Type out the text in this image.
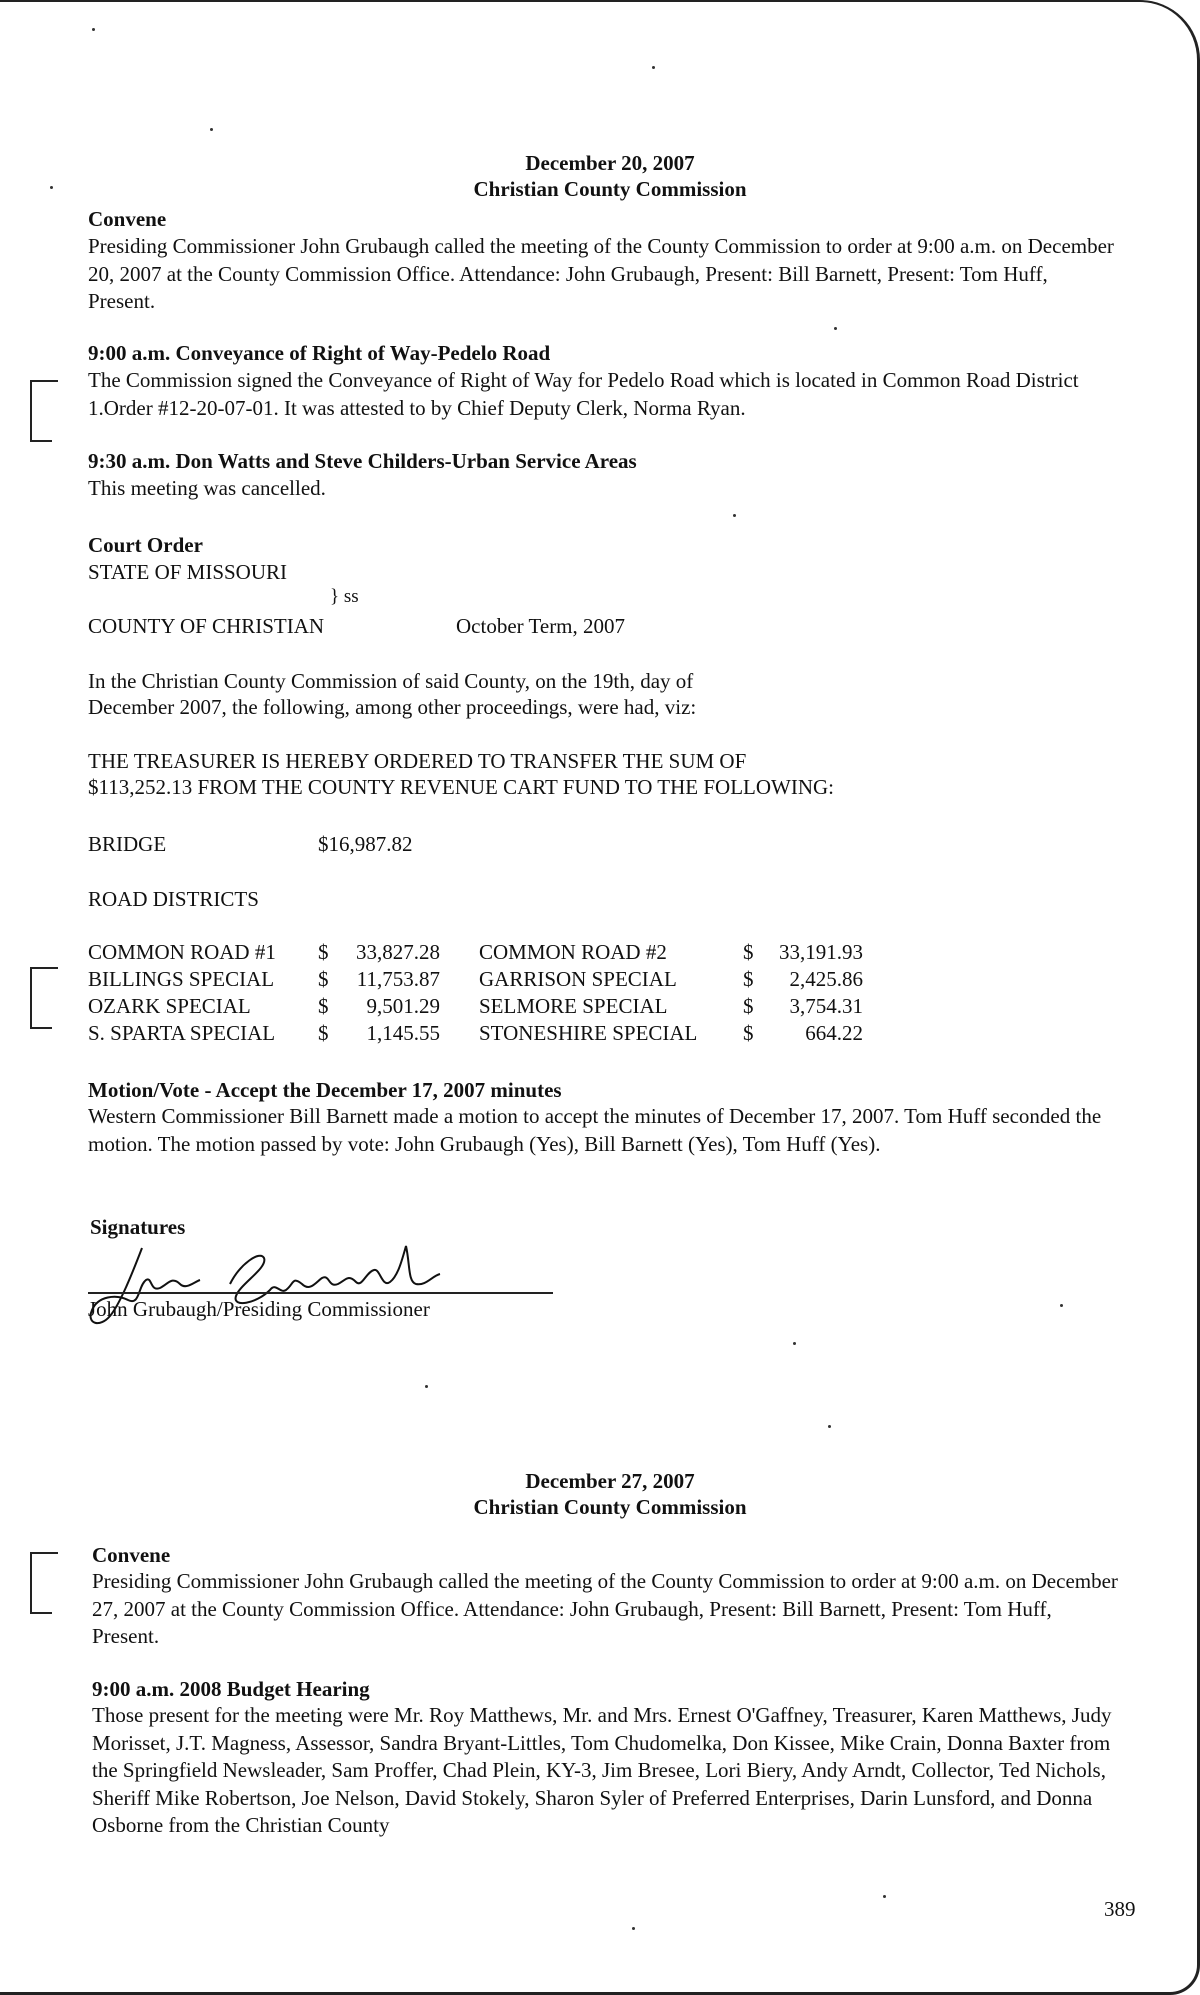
December 20, 2007
Christian County Commission
Convene
Presiding Commissioner John Grubaugh called the meeting of the County Commission to order at 9:00 a.m. on December 20, 2007 at the County Commission Office. Attendance: John Grubaugh, Present: Bill Barnett, Present: Tom Huff, Present.
9:00 a.m. Conveyance of Right of Way-Pedelo Road
The Commission signed the Conveyance of Right of Way for Pedelo Road which is located in Common Road District 1.Order #12-20-07-01. It was attested to by Chief Deputy Clerk, Norma Ryan.
9:30 a.m. Don Watts and Steve Childers-Urban Service Areas
This meeting was cancelled.
Court Order
STATE OF MISSOURI
} ss
COUNTY OF CHRISTIAN	October Term, 2007
In the Christian County Commission of said County, on the 19th, day of
December 2007, the following, among other proceedings, were had, viz:
THE TREASURER IS HEREBY ORDERED TO TRANSFER THE SUM OF
$113,252.13 FROM THE COUNTY REVENUE CART FUND TO THE FOLLOWING:
BRIDGE	$16,987.82
ROAD DISTRICTS
COMMON ROAD #1 $	33,827.28 COMMON ROAD #2	$	33,191.93
BILLINGS SPECIAL $	11,753.87 GARRISON SPECIAL	$	2,425.86
OZARK SPECIAL	$	9,501.29 SELMORE SPECIAL	$	3,754.31
S. SPARTA SPECIAL $	1,145.55 STONESHIRE SPECIAL $	664.22
Motion/Vote - Accept the December 17, 2007 minutes
Western Commissioner Bill Barnett made a motion to accept the minutes of December 17, 2007. Tom Huff seconded the motion. The motion passed by vote: John Grubaugh (Yes), Bill Barnett (Yes), Tom Huff (Yes).
Signatures
John Grubaugh/Presiding Commissioner
December 27, 2007
Christian County Commission
Convene
Presiding Commissioner John Grubaugh called the meeting of the County Commission to order at 9:00 a.m. on December 27, 2007 at the County Commission Office. Attendance: John Grubaugh, Present: Bill Barnett, Present: Tom Huff, Present.
9:00 a.m. 2008 Budget Hearing
Those present for the meeting were Mr. Roy Matthews, Mr. and Mrs. Ernest O'Gaffney, Treasurer, Karen Matthews, Judy Morisset, J.T. Magness, Assessor, Sandra Bryant-Littles, Tom Chudomelka, Don Kissee, Mike Crain, Donna Baxter from the Springfield Newsleader, Sam Proffer, Chad Plein, KY-3, Jim Bresee, Lori Biery, Andy Arndt, Collector, Ted Nichols, Sheriff Mike Robertson, Joe Nelson, David Stokely, Sharon Syler of Preferred Enterprises, Darin Lunsford, and Donna Osborne from the Christian County
389
